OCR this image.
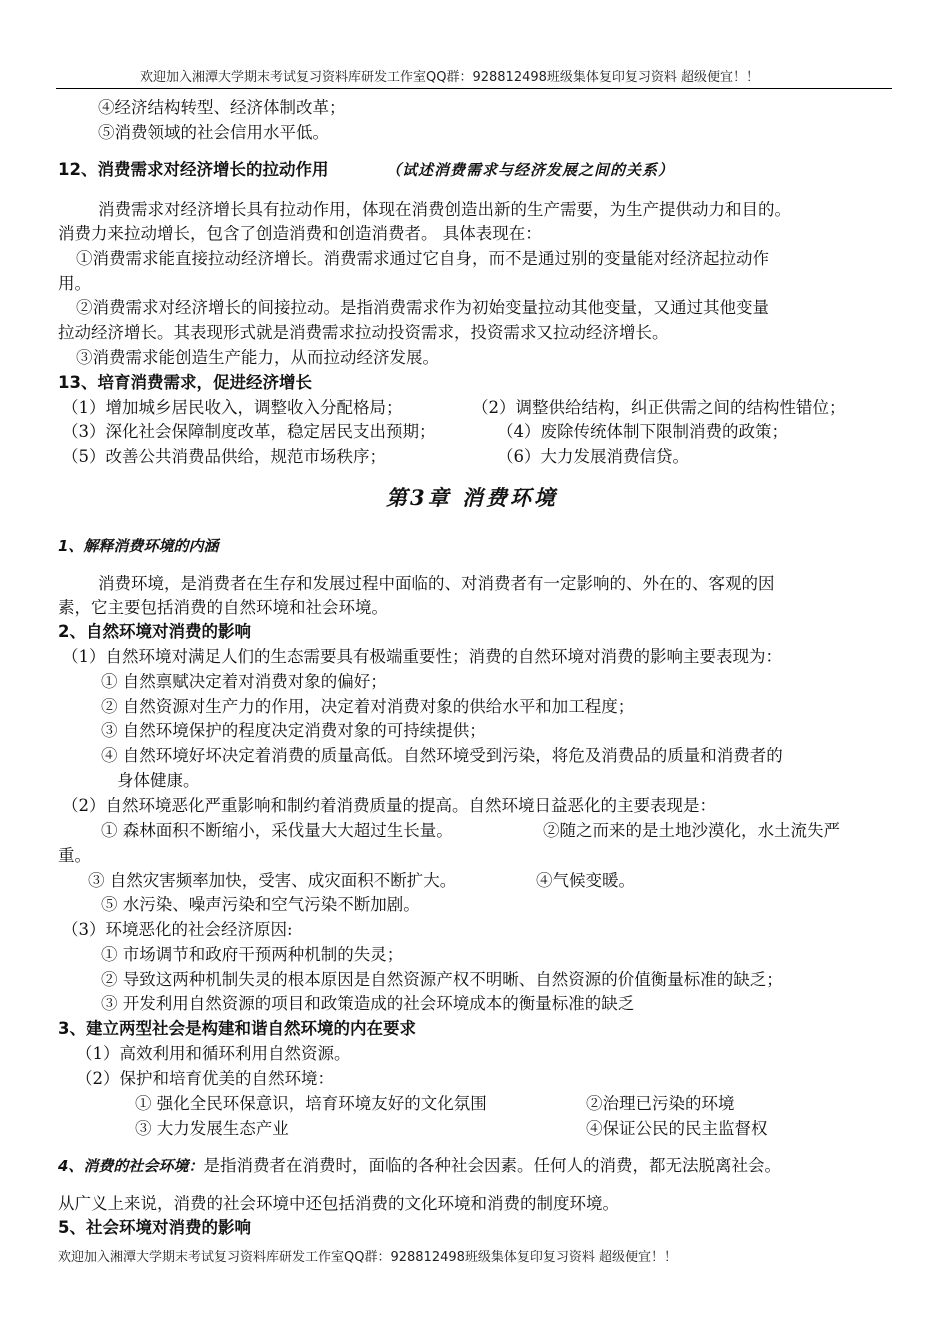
欢迎加入湘潭大学期末考试复习资料库研发工作室QQ群：928812498班级集体复印复习资料 超级便宜！！
④经济结构转型、经济体制改革；
⑤消费领域的社会信用水平低。
12、消费需求对经济增长的拉动作用	（试述消费需求与经济发展之间的关系）
消费需求对经济增长具有拉动作用，体现在消费创造出新的生产需要，为生产提供动力和目的。
消费力来拉动增长，包含了创造消费和创造消费者。 具体表现在：
①消费需求能直接拉动经济增长。消费需求通过它自身，而不是通过别的变量能对经济起拉动作
用。
②消费需求对经济增长的间接拉动。是指消费需求作为初始变量拉动其他变量，又通过其他变量
拉动经济增长。其表现形式就是消费需求拉动投资需求，投资需求又拉动经济增长。
③消费需求能创造生产能力，从而拉动经济发展。
13、培育消费需求，促进经济增长
（1）增加城乡居民收入，调整收入分配格局；	（2）调整供给结构，纠正供需之间的结构性错位；
（3）深化社会保障制度改革，稳定居民支出预期；	（4）废除传统体制下限制消费的政策；
（5）改善公共消费品供给，规范市场秩序；	（6）大力发展消费信贷。
第3章 消费环境
1、解释消费环境的内涵
消费环境，是消费者在生存和发展过程中面临的、对消费者有一定影响的、外在的、客观的因
素，它主要包括消费的自然环境和社会环境。
2、自然环境对消费的影响
（1）自然环境对满足人们的生态需要具有极端重要性；消费的自然环境对消费的影响主要表现为：
① 自然禀赋决定着对消费对象的偏好；
② 自然资源对生产力的作用，决定着对消费对象的供给水平和加工程度；
③ 自然环境保护的程度决定消费对象的可持续提供；
④ 自然环境好坏决定着消费的质量高低。自然环境受到污染，将危及消费品的质量和消费者的
身体健康。
（2）自然环境恶化严重影响和制约着消费质量的提高。自然环境日益恶化的主要表现是：
① 森林面积不断缩小，采伐量大大超过生长量。	②随之而来的是土地沙漠化，水土流失严
重。
③ 自然灾害频率加快，受害、成灾面积不断扩大。	④气候变暖。
⑤ 水污染、噪声污染和空气污染不断加剧。
（3）环境恶化的社会经济原因:
① 市场调节和政府干预两种机制的失灵；
② 导致这两种机制失灵的根本原因是自然资源产权不明晰、自然资源的价值衡量标准的缺乏；
③ 开发利用自然资源的项目和政策造成的社会环境成本的衡量标准的缺乏
3、建立两型社会是构建和谐自然环境的内在要求
（1）高效利用和循环利用自然资源。
（2）保护和培育优美的自然环境：
① 强化全民环保意识，培育环境友好的文化氛围	②治理已污染的环境
③ 大力发展生态产业	④保证公民的民主监督权
4、消费的社会环境：是指消费者在消费时，面临的各种社会因素。任何人的消费，都无法脱离社会。
从广义上来说，消费的社会环境中还包括消费的文化环境和消费的制度环境。
5、社会环境对消费的影响
欢迎加入湘潭大学期末考试复习资料库研发工作室QQ群：928812498班级集体复印复习资料 超级便宜！！
